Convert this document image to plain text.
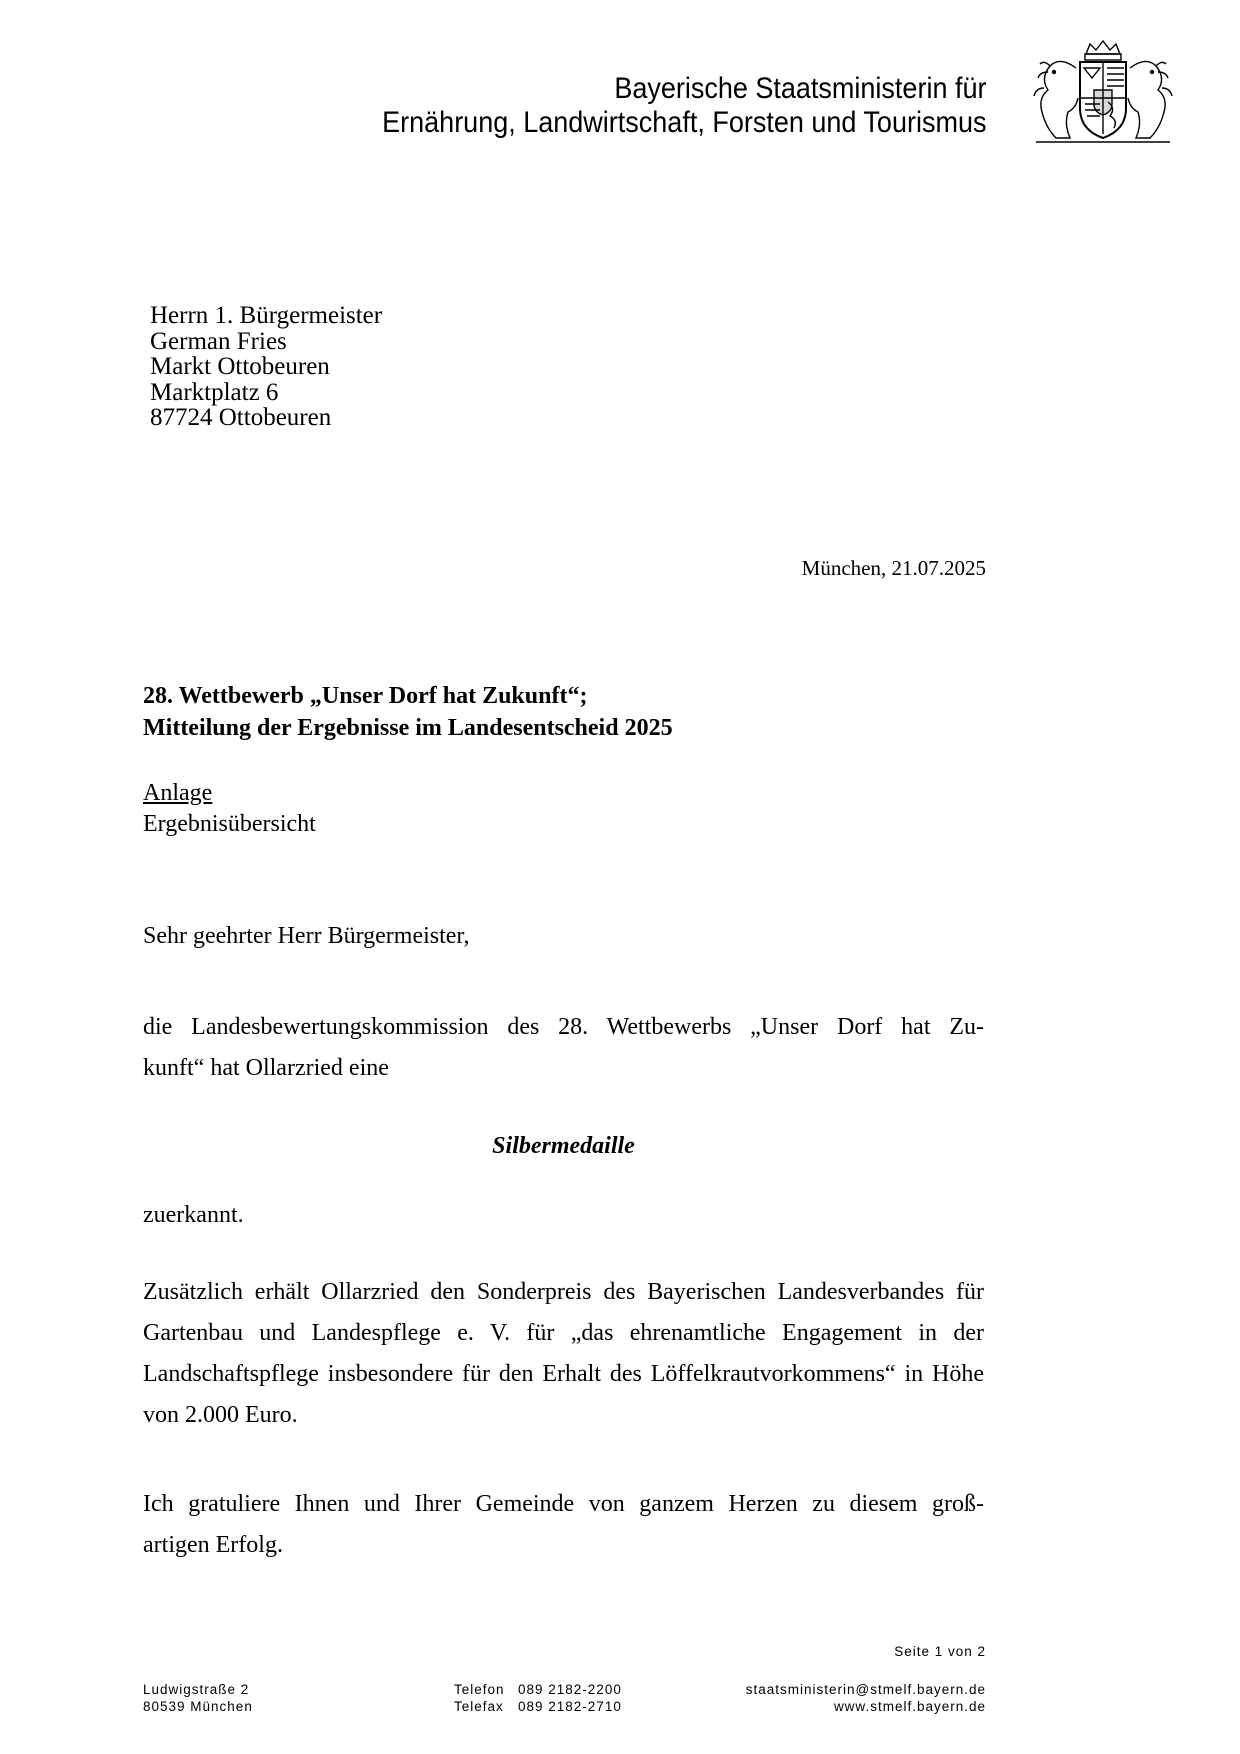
Bayerische Staatsministerin für
Ernährung, Landwirtschaft, Forsten und Tourismus
Herrn 1. Bürgermeister
German Fries
Markt Ottobeuren
Marktplatz 6
87724 Ottobeuren
München, 21.07.2025
28. Wettbewerb „Unser Dorf hat Zukunft“;
Mitteilung der Ergebnisse im Landesentscheid 2025
Anlage
Ergebnisübersicht
Sehr geehrter Herr Bürgermeister,
die Landesbewertungskommission des 28. Wettbewerbs „Unser Dorf hat Zu-
kunft“ hat Ollarzried eine
Silbermedaille
zuerkannt.
Zusätzlich erhält Ollarzried den Sonderpreis des Bayerischen Landesverbandes für Gartenbau und Landespflege e. V. für „das ehrenamtliche Engagement in der Landschaftspflege insbesondere für den Erhalt des Löffelkrautvorkommens“ in Höhe von 2.000 Euro.
Ich gratuliere Ihnen und Ihrer Gemeinde von ganzem Herzen zu diesem groß-
artigen Erfolg.
Seite 1 von 2
Ludwigstraße 2
80539 München
Telefon 089 2182-2200
Telefax 089 2182-2710
staatsministerin@stmelf.bayern.de
www.stmelf.bayern.de
